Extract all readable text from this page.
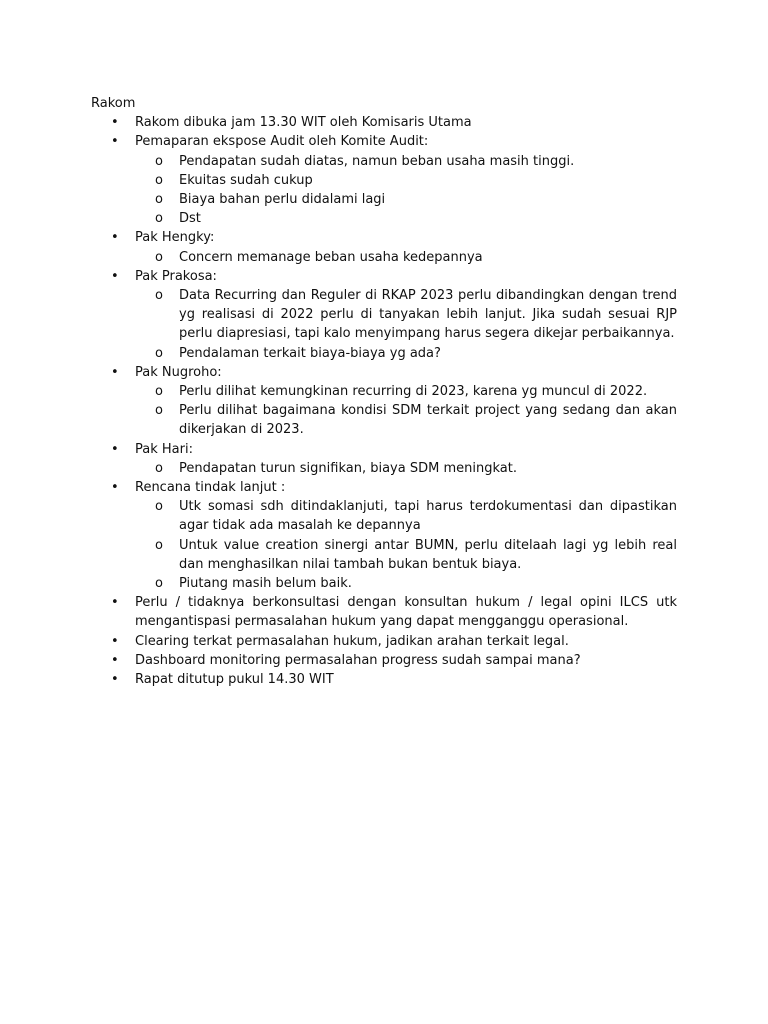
Rakom

•	Rakom dibuka jam 13.30 WIT oleh Komisaris Utama
•	Pemaparan ekspose Audit oleh Komite Audit:
o	Pendapatan sudah diatas, namun beban usaha masih tinggi.
o	Ekuitas sudah cukup
o	Biaya bahan perlu didalami lagi
o	Dst
•	Pak Hengky:
o	Concern memanage beban usaha kedepannya
•	Pak Prakosa:
o	Data Recurring dan Reguler di RKAP 2023 perlu dibandingkan dengan trend yg realisasi di 2022 perlu di tanyakan lebih lanjut. Jika sudah sesuai RJP perlu diapresiasi, tapi kalo menyimpang harus segera dikejar perbaikannya.
o	Pendalaman terkait biaya-biaya yg ada?
•	Pak Nugroho:
o	Perlu dilihat kemungkinan recurring di 2023, karena yg muncul di 2022.
o	Perlu dilihat bagaimana kondisi SDM terkait project yang sedang dan akan dikerjakan di 2023.
•	Pak Hari:
o	Pendapatan turun signifikan, biaya SDM meningkat.
•	Rencana tindak lanjut :
o	Utk somasi sdh ditindaklanjuti, tapi harus terdokumentasi dan dipastikan agar tidak ada masalah ke depannya
o	Untuk value creation sinergi antar BUMN, perlu ditelaah lagi yg lebih real dan menghasilkan nilai tambah bukan bentuk biaya.
o	Piutang masih belum baik.
•	Perlu / tidaknya berkonsultasi dengan konsultan hukum / legal opini ILCS utk mengantispasi permasalahan hukum yang dapat mengganggu operasional.
•	Clearing terkat permasalahan hukum, jadikan arahan terkait legal.
•	Dashboard monitoring permasalahan progress sudah sampai mana?
•	Rapat ditutup pukul 14.30 WIT
